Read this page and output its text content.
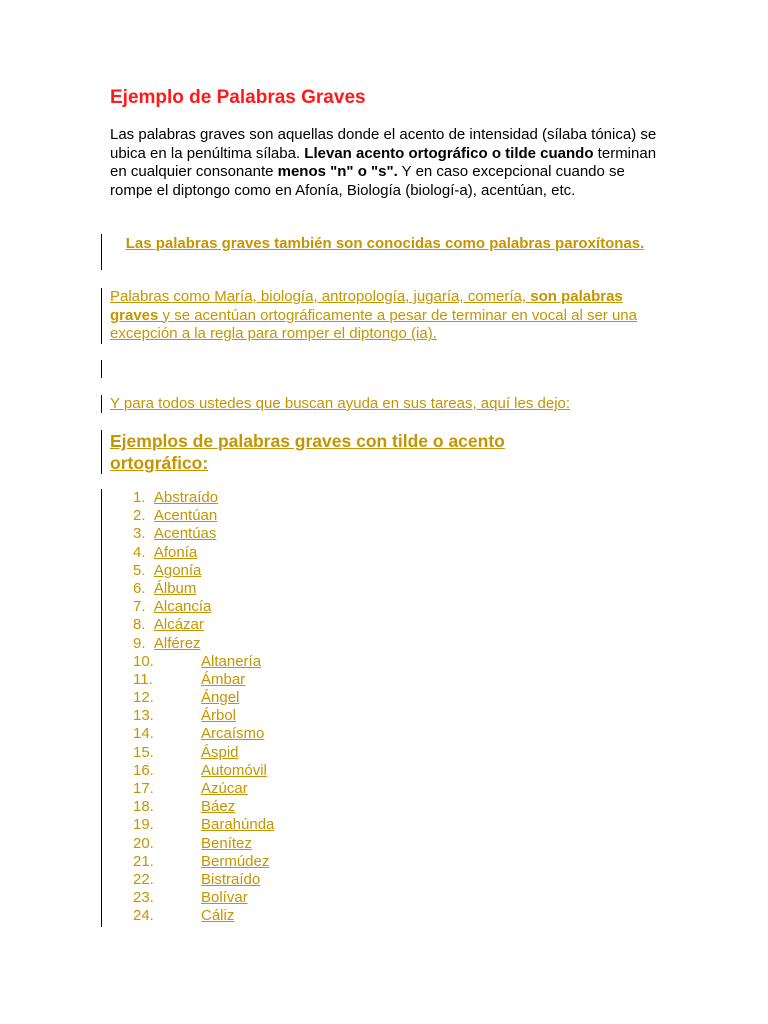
Ejemplo de Palabras Graves

Las palabras graves son aquellas donde el acento de intensidad (sílaba tónica) se ubica en la penúltima sílaba. Llevan acento ortográfico o tilde cuando terminan en cualquier consonante menos "n" o "s". Y en caso excepcional cuando se rompe el diptongo como en Afonía, Biología (biologí-a), acentúan, etc.

Las palabras graves también son conocidas como palabras paroxítonas.

Palabras como María, biología, antropología, jugaría, comería, son palabras graves y se acentúan ortográficamente a pesar de terminar en vocal al ser una excepción a la regla para romper el diptongo (ia).

Y para todos ustedes que buscan ayuda en sus tareas, aquí les dejo:

Ejemplos de palabras graves con tilde o acento ortográfico:
1.  Abstraído
2.  Acentúan
3.  Acentúas
4.  Afonía
5.  Agonía
6.  Álbum
7.  Alcancía
8.  Alcázar
9.  Alférez
10.	Altanería
11.	Ámbar
12.	Ángel
13.	Árbol
14.	Arcaísmo
15.	Áspid
16.	Automóvil
17.	Azúcar
18.	Báez
19.	Barahúnda
20.	Benítez
21.	Bermúdez
22.	Bistraído
23.	Bolívar
24.	Cáliz
